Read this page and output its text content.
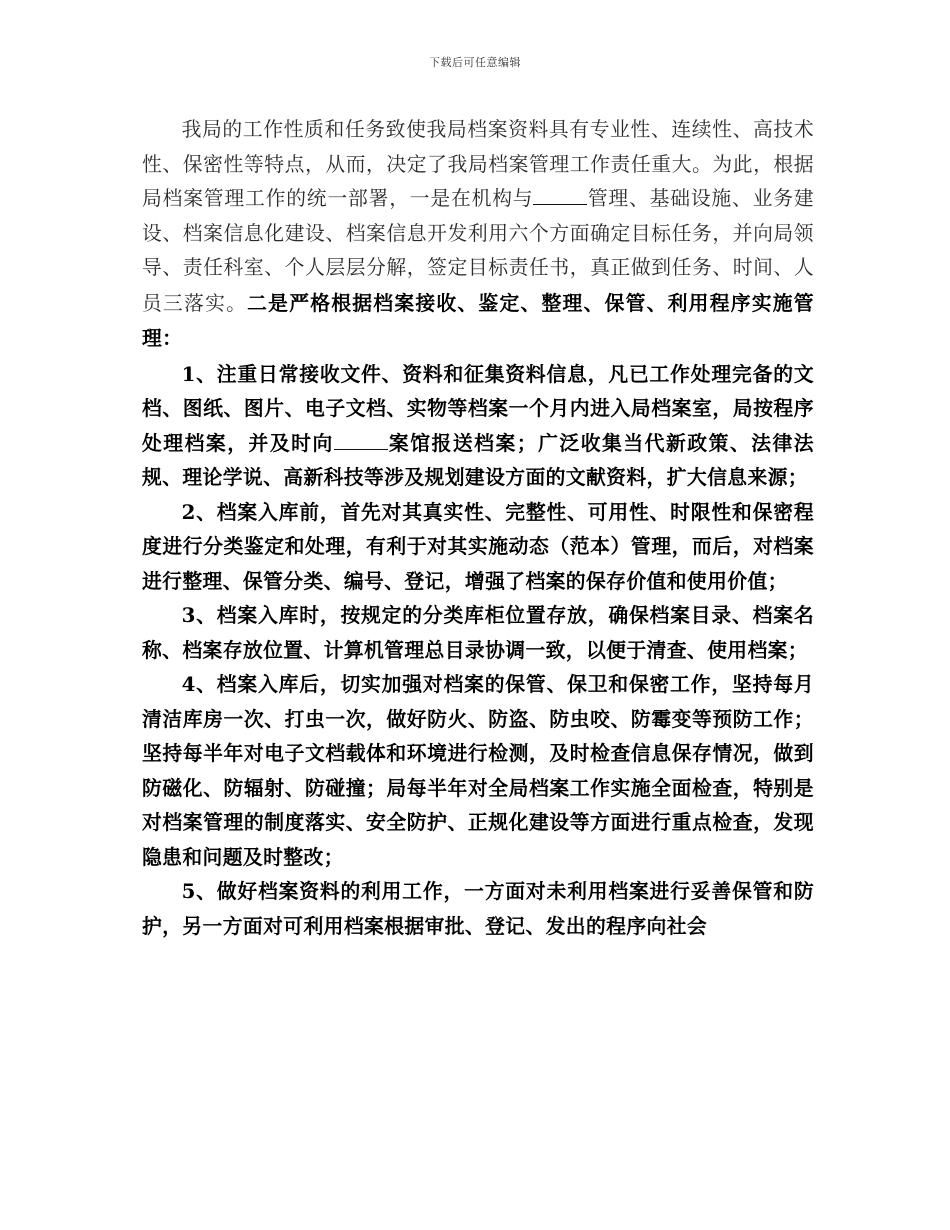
下载后可任意编辑

我局的工作性质和任务致使我局档案资料具有专业性、连续性、高技术性、保密性等特点，从而，决定了我局档案管理工作责任重大。为此，根据局档案管理工作的统一部署，一是在机构与	管理、基础设施、业务建设、档案信息化建设、档案信息开发利用六个方面确定目标任务，并向局领导、责任科室、个人层层分解，签定目标责任书，真正做到任务、时间、人员三落实。二是严格根据档案接收、鉴定、整理、保管、利用程序实施管理：

1、注重日常接收文件、资料和征集资料信息，凡已工作处理完备的文档、图纸、图片、电子文档、实物等档案一个月内进入局档案室，局按程序处理档案，并及时向	案馆报送档案；广泛收集当代新政策、法律法规、理论学说、高新科技等涉及规划建设方面的文献资料，扩大信息来源；

2、档案入库前，首先对其真实性、完整性、可用性、时限性和保密程度进行分类鉴定和处理，有利于对其实施动态（范本）管理，而后，对档案进行整理、保管分类、编号、登记，增强了档案的保存价值和使用价值；

3、档案入库时，按规定的分类库柜位置存放，确保档案目录、档案名称、档案存放位置、计算机管理总目录协调一致，以便于清查、使用档案；

4、档案入库后，切实加强对档案的保管、保卫和保密工作，坚持每月清洁库房一次、打虫一次，做好防火、防盗、防虫咬、防霉变等预防工作；坚持每半年对电子文档载体和环境进行检测，及时检查信息保存情况，做到防磁化、防辐射、防碰撞；局每半年对全局档案工作实施全面检查，特别是对档案管理的制度落实、安全防护、正规化建设等方面进行重点检查，发现隐患和问题及时整改；

5、做好档案资料的利用工作，一方面对未利用档案进行妥善保管和防护，另一方面对可利用档案根据审批、登记、发出的程序向社会
